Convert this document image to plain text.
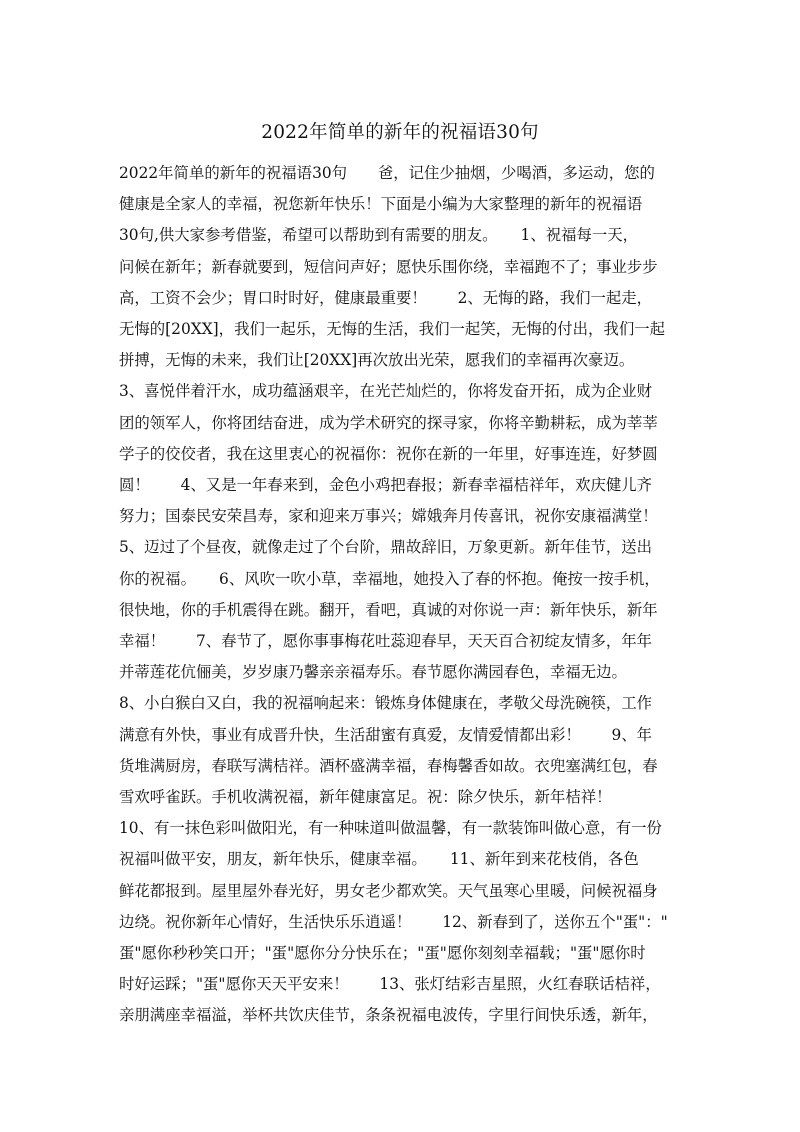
2022年简单的新年的祝福语30句
2022年简单的新年的祝福语30句　　爸，记住少抽烟，少喝酒，多运动，您的
健康是全家人的幸福，祝您新年快乐！下面是小编为大家整理的新年的祝福语
30句,供大家参考借鉴，希望可以帮助到有需要的朋友。　　1、祝福每一天，
问候在新年；新春就要到，短信问声好；愿快乐围你绕，幸福跑不了；事业步步
高，工资不会少；胃口时时好，健康最重要！　　2、无悔的路，我们一起走，
无悔的[20XX]，我们一起乐，无悔的生活，我们一起笑，无悔的付出，我们一起
拼搏，无悔的未来，我们让[20XX]再次放出光荣，愿我们的幸福再次豪迈。
3、喜悦伴着汗水，成功蕴涵艰辛，在光芒灿烂的，你将发奋开拓，成为企业财
团的领军人，你将团结奋进，成为学术研究的探寻家，你将辛勤耕耘，成为莘莘
学子的佼佼者，我在这里衷心的祝福你：祝你在新的一年里，好事连连，好梦圆
圆！　　4、又是一年春来到，金色小鸡把春报；新春幸福桔祥年，欢庆健儿齐
努力；国泰民安荣昌寿，家和迎来万事兴；嫦娥奔月传喜讯，祝你安康福满堂！
5、迈过了个昼夜，就像走过了个台阶，鼎故辞旧，万象更新。新年佳节，送出
你的祝福。　　6、风吹一吹小草，幸福地，她投入了春的怀抱。俺按一按手机，
很快地，你的手机震得在跳。翻开，看吧，真诚的对你说一声：新年快乐，新年
幸福！　　7、春节了，愿你事事梅花吐蕊迎春早，天天百合初绽友情多，年年
并蒂莲花伉俪美，岁岁康乃馨亲亲福寿乐。春节愿你满园春色，幸福无边。
8、小白猴白又白，我的祝福响起来：锻炼身体健康在，孝敬父母洗碗筷，工作
满意有外快，事业有成晋升快，生活甜蜜有真爱，友情爱情都出彩！　　9、年
货堆满厨房，春联写满桔祥。酒杯盛满幸福，春梅馨香如故。衣兜塞满红包，春
雪欢呼雀跃。手机收满祝福，新年健康富足。祝：除夕快乐，新年桔祥！
10、有一抹色彩叫做阳光，有一种味道叫做温馨，有一款装饰叫做心意，有一份
祝福叫做平安，朋友，新年快乐，健康幸福。　　11、新年到来花枝俏，各色
鲜花都报到。屋里屋外春光好，男女老少都欢笑。天气虽寒心里暖，问候祝福身
边绕。祝你新年心情好，生活快乐乐逍遥！　　12、新春到了，送你五个"蛋"："
蛋"愿你秒秒笑口开；"蛋"愿你分分快乐在；"蛋"愿你刻刻幸福载；"蛋"愿你时
时好运踩；"蛋"愿你天天平安来！　　13、张灯结彩吉星照，火红春联话桔祥，
亲朋满座幸福溢，举杯共饮庆佳节，条条祝福电波传，字里行间快乐透，新年，
